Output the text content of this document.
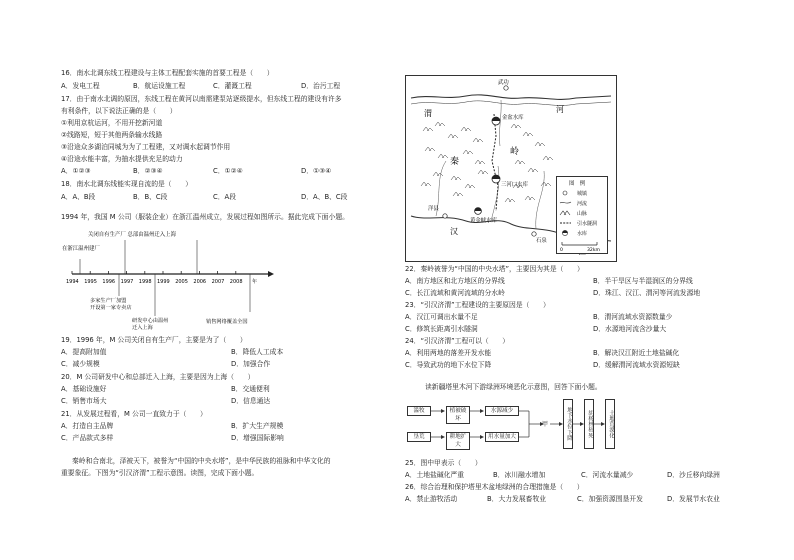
16．南水北调东线工程建设与主体工程配套实施的首要工程是（　　）
A．发电工程	B．航运设施工程	C．灌溉工程	D．治污工程
17．由于南水北调的原因，东线工程在黄河以南需建泵站逐级提水，但东线工程的建设有许多
有利条件，以下说法正确的是（　　）
①利用京杭运河，不用开挖新河道
②线路短，短于其他两条输水线路
③沿途众多湖泊同城为为了工程建，又对调水起调节作用
④沿途水能丰富，为抽水提供充足的动力
A．①②③	B．②③④	C．①②④	D．①③④
18．南水北调东线能实现自流的是（　　）
A．A、B段	B．B、C段	C．A段	D．A、B、C段
1994 年，我国 M 公司（服装企业）在浙江温州成立，发展过程如图所示。据此完成下面小题。
在浙江温州建厂
关闭自有生产厂 总部由温州迁入上海
1994 1995 1996 1997 1998 1999 2005 2006 2007 2008 年
多家生产厂加盟
开设第一家专卖店
研发中心由温州
迁入上海
销售网络覆盖全国
19．1996 年，M 公司关闭自有生产厂，主要是为了（　　）
A．提高附加值	B．降低人工成本
C．减少规模	D．加强合作
20．M 公司研发中心和总部迁入上海，主要是因为上海（　　）
A．基础设施好	B．交通便利
C．销售市场大	D．信息通达
21．从发展过程看，M 公司一直致力于（　　）
A．打造自主品牌	B．扩大生产规模
C．产品款式多样	D．增强国际影响
秦岭和合南北，泽被天下，被誉为“中国的中央水塔”，是中华民族的祖脉和中华文化的
重要象征。下图为“引汉济渭”工程示意图。读图，完成下面小题。
武功
渭	河
金盆水库
秦
岭
洋县
汉
三河口水库
黄金峡水库
石泉
图　例
城镇
河流
山脉
引水隧洞
水库
0	32km
22．秦岭被誉为“中国的中央水塔”，主要因为其是（　　）
A．南方地区和北方地区的分界线	B．半干旱区与半湿润区的分界线
C．长江流域和黄河流域的分水岭	D．珠江、汉江、渭河等河流发源地
23．“引汉济渭”工程建设的主要原因是（　　）
A．汉江可调出水量不足	B．渭河流域水资源数量少
C．修筑长距离引水隧洞	D．水源地河流含沙量大
24．“引汉济渭”工程可以（　　）
A．利用两地的落差开发水能	B．解决汉江附近土地盐碱化
C．导致武功的地下水位下降	D．缓解渭河流域水资源短缺
读新疆塔里木河下游绿洲环境恶化示意图，回答下面小题。
滥牧	植被破坏
水源减少
垦荒	耕地扩大
用水量加大
甲	地下水位下降	胡杨林枯死	土地荒漠化
25．图中甲表示（　　）
A．土地盐碱化严重	B．冰川融水增加	C．河流水量减少	D．沙丘移向绿洲
26．综合治理和保护塔里木盆地绿洲的合理措施是（　　）
A．禁止游牧活动	B．大力发展畜牧业	C．加强资源围垦开发	D．发展节水农业
